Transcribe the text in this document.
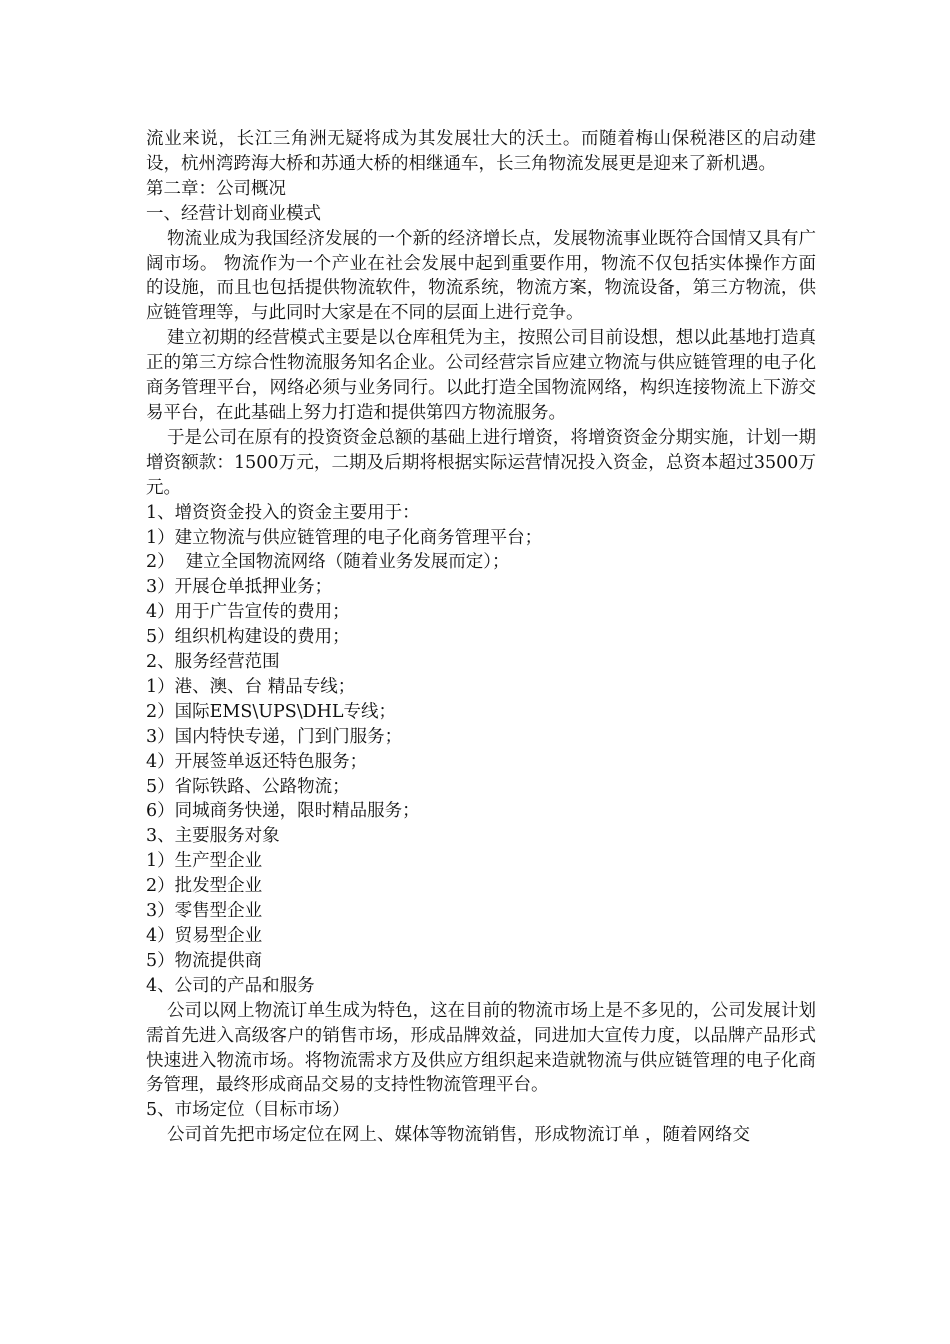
流业来说，长江三角洲无疑将成为其发展壮大的沃土。而随着梅山保税港区的启动建设，杭州湾跨海大桥和苏通大桥的相继通车，长三角物流发展更是迎来了新机遇。

第二章：公司概况

一、经营计划商业模式

物流业成为我国经济发展的一个新的经济增长点，发展物流事业既符合国情又具有广阔市场。 物流作为一个产业在社会发展中起到重要作用，物流不仅包括实体操作方面的设施，而且也包括提供物流软件，物流系统，物流方案，物流设备，第三方物流，供应链管理等，与此同时大家是在不同的层面上进行竞争。

建立初期的经营模式主要是以仓库租凭为主，按照公司目前设想，想以此基地打造真正的第三方综合性物流服务知名企业。公司经营宗旨应建立物流与供应链管理的电子化商务管理平台，网络必须与业务同行。以此打造全国物流网络，构织连接物流上下游交易平台，在此基础上努力打造和提供第四方物流服务。

于是公司在原有的投资资金总额的基础上进行增资，将增资资金分期实施，计划一期增资额款：1500万元，二期及后期将根据实际运营情况投入资金，总资本超过3500万元。

1、增资资金投入的资金主要用于：

1）建立物流与供应链管理的电子化商务管理平台；

2）  建立全国物流网络（随着业务发展而定）；

3）开展仓单抵押业务；

4）用于广告宣传的费用；

5）组织机构建设的费用；

2、服务经营范围

1）港、澳、台 精品专线；

2）国际EMS\UPS\DHL专线；

3）国内特快专递，门到门服务；

4）开展签单返还特色服务；

5）省际铁路、公路物流；

6）同城商务快递，限时精品服务；

3、主要服务对象

1）生产型企业

2）批发型企业

3）零售型企业

4）贸易型企业

5）物流提供商

4、公司的产品和服务

公司以网上物流订单生成为特色，这在目前的物流市场上是不多见的，公司发展计划需首先进入高级客户的销售市场，形成品牌效益，同进加大宣传力度，以品牌产品形式快速进入物流市场。将物流需求方及供应方组织起来造就物流与供应链管理的电子化商务管理，最终形成商品交易的支持性物流管理平台。

5、市场定位（目标市场）

公司首先把市场定位在网上、媒体等物流销售，形成物流订单 ，随着网络交
